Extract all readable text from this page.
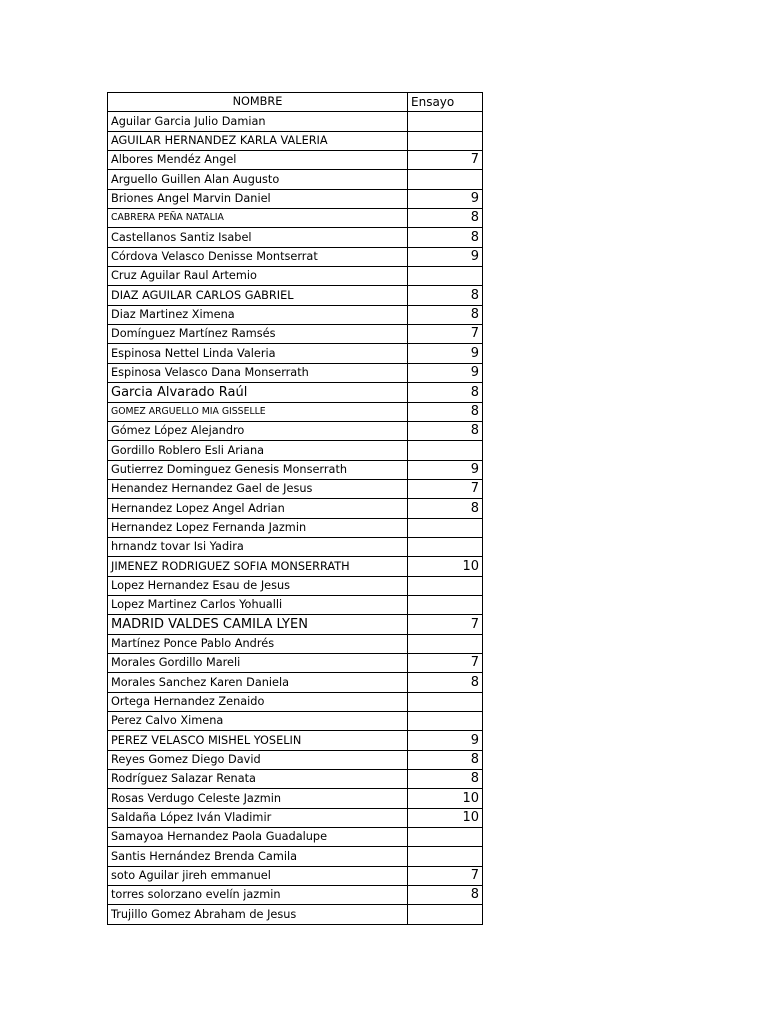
NOMBRE	Ensayo
Aguilar Garcia Julio Damian	
AGUILAR HERNANDEZ KARLA VALERIA	
Albores Mendéz Angel	7
Arguello Guillen Alan Augusto	
Briones Angel Marvin Daniel	9
CABRERA PEÑA NATALIA	8
Castellanos Santiz Isabel	8
Córdova Velasco Denisse Montserrat	9
Cruz Aguilar Raul Artemio	
DIAZ AGUILAR CARLOS GABRIEL	8
Diaz Martinez Ximena	8
Domínguez Martínez Ramsés	7
Espinosa Nettel Linda Valeria	9
Espinosa Velasco Dana Monserrath	9
Garcia Alvarado Raúl	8
GOMEZ ARGUELLO MIA GISSELLE	8
Gómez López Alejandro	8
Gordillo Roblero Esli Ariana	
Gutierrez Dominguez Genesis Monserrath	9
Henandez Hernandez Gael de Jesus	7
Hernandez Lopez Angel Adrian	8
Hernandez Lopez Fernanda Jazmin	
hrnandz tovar Isi Yadira	
JIMENEZ RODRIGUEZ SOFIA MONSERRATH	10
Lopez Hernandez Esau de Jesus	
Lopez Martinez Carlos Yohualli	
MADRID VALDES CAMILA LYEN	7
Martínez Ponce Pablo Andrés	
Morales Gordillo Mareli	7
Morales Sanchez Karen Daniela	8
Ortega Hernandez Zenaido	
Perez Calvo Ximena	
PEREZ VELASCO MISHEL YOSELIN	9
Reyes Gomez Diego David	8
Rodríguez Salazar Renata	8
Rosas Verdugo Celeste Jazmin	10
Saldaña López Iván Vladimir	10
Samayoa Hernandez Paola Guadalupe	
Santis Hernández Brenda Camila	
soto Aguilar jireh emmanuel	7
torres solorzano evelín jazmin	8
Trujillo Gomez Abraham de Jesus	
